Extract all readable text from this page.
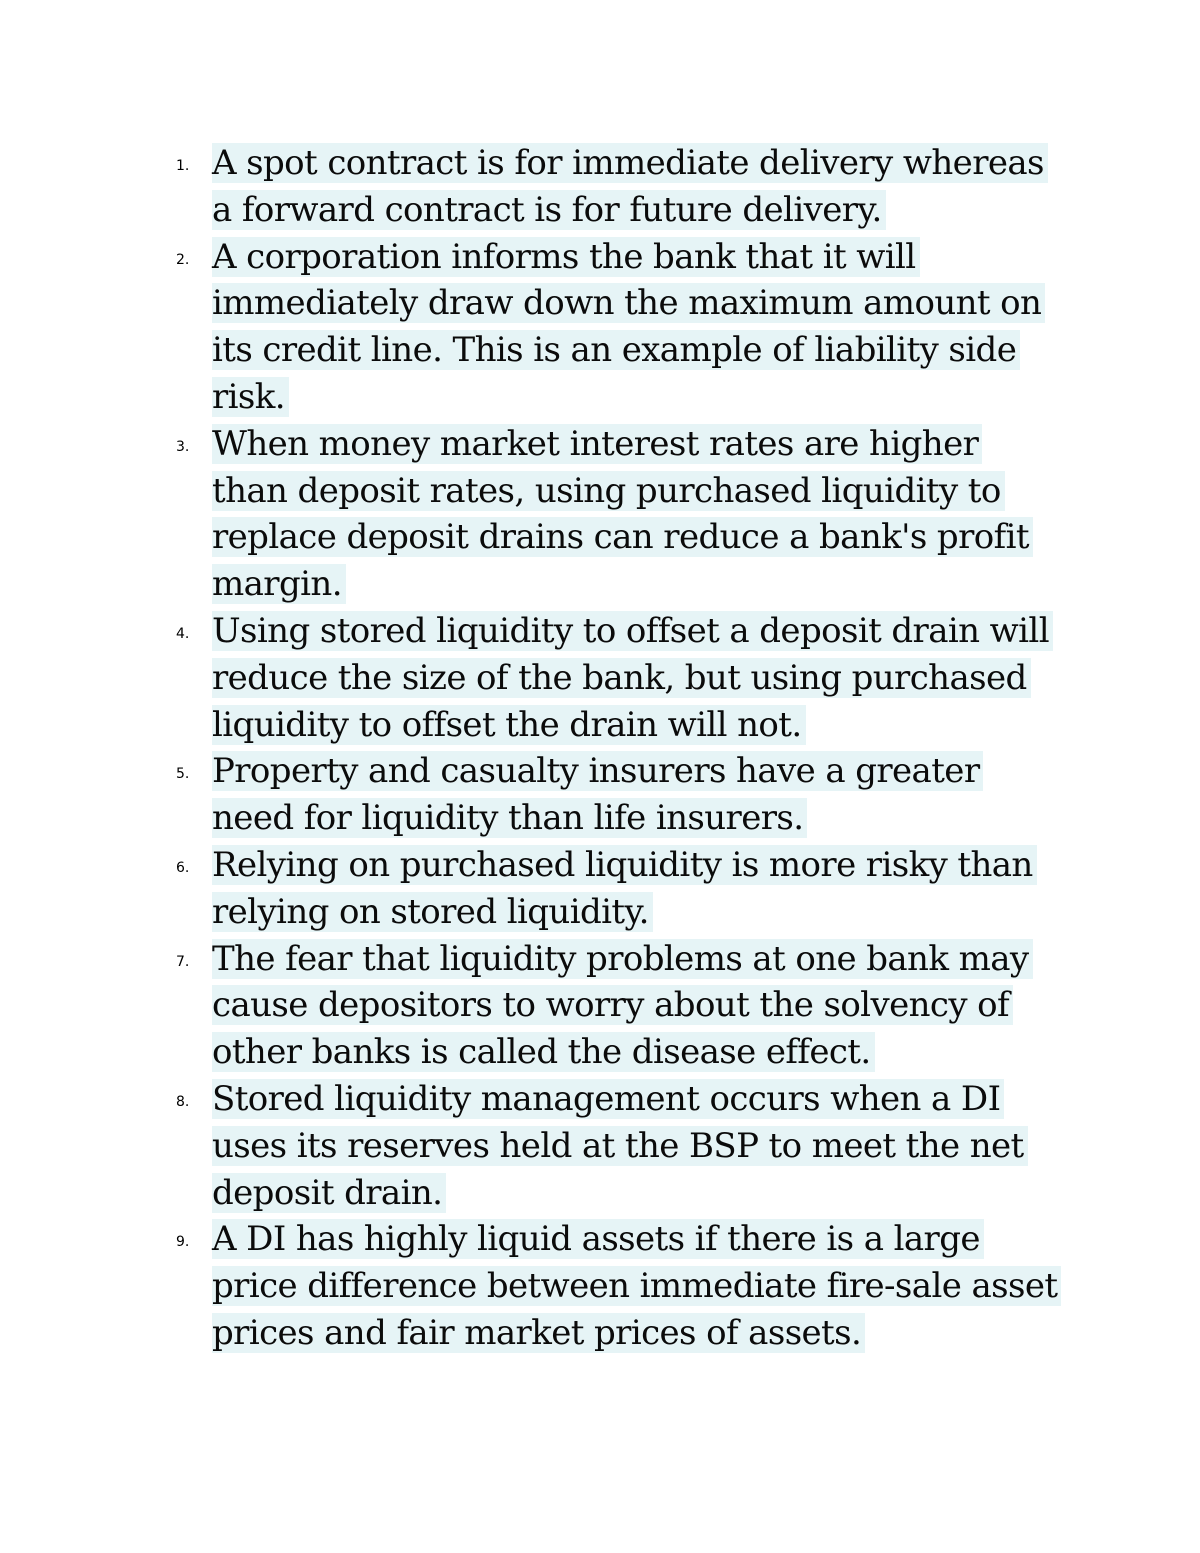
1. A spot contract is for immediate delivery whereas
a forward contract is for future delivery.
2. A corporation informs the bank that it will
immediately draw down the maximum amount on
its credit line. This is an example of liability side
risk.
3. When money market interest rates are higher
than deposit rates, using purchased liquidity to
replace deposit drains can reduce a bank's profit
margin.
4. Using stored liquidity to offset a deposit drain will
reduce the size of the bank, but using purchased
liquidity to offset the drain will not.
5. Property and casualty insurers have a greater
need for liquidity than life insurers.
6. Relying on purchased liquidity is more risky than
relying on stored liquidity.
7. The fear that liquidity problems at one bank may
cause depositors to worry about the solvency of
other banks is called the disease effect.
8. Stored liquidity management occurs when a DI
uses its reserves held at the BSP to meet the net
deposit drain.
9. A DI has highly liquid assets if there is a large
price difference between immediate fire-sale asset
prices and fair market prices of assets.
